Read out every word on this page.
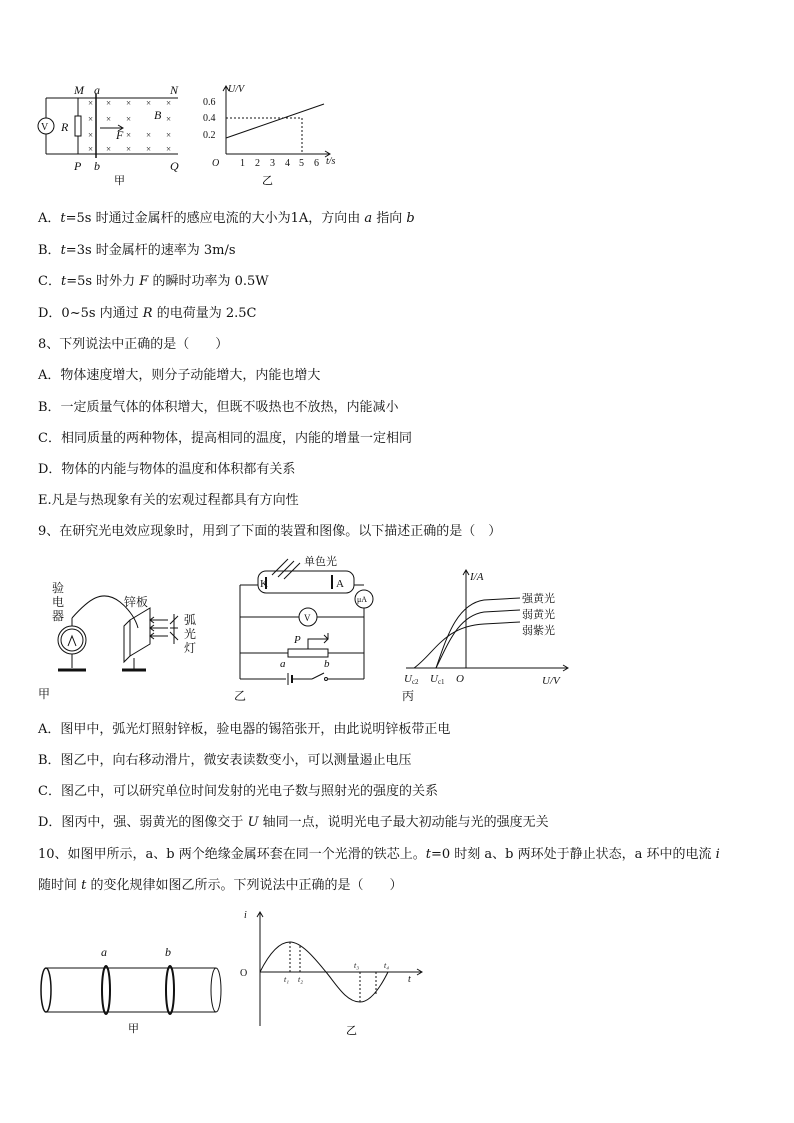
× × × × ×
× × ×	×
×	× × ×
× × × × ×
M a	N
V R
B
F
P b	Q
甲
U/V
0.6
0.4
0.2
O 1 2 3 4 5 6 t/s
乙
A．t=5s 时通过金属杆的感应电流的大小为1A，方向由 a 指向 b
B．t=3s 时金属杆的速率为 3m/s
C．t=5s 时外力 F 的瞬时功率为 0.5W
D．0~5s 内通过 R 的电荷量为 2.5C
8、下列说法中正确的是（　　）
A．物体速度增大，则分子动能增大，内能也增大
B．一定质量气体的体积增大，但既不吸热也不放热，内能减小
C．相同质量的两种物体，提高相同的温度，内能的增量一定相同
D．物体的内能与物体的温度和体积都有关系
E.凡是与热现象有关的宏观过程都具有方向性
9、在研究光电效应现象时，用到了下面的装置和图像。以下描述正确的是（　）
验
电
器
锌板
弧
光
灯
甲
单色光
K	A
V
μA
P
a	b
乙
I/A
强黄光
弱黄光
弱紫光
Uc2 Uc1 O	U/V
丙
A．图甲中，弧光灯照射锌板，验电器的锡箔张开，由此说明锌板带正电
B．图乙中，向右移动滑片，微安表读数变小，可以测量遏止电压
C．图乙中，可以研究单位时间发射的光电子数与照射光的强度的关系
D．图丙中，强、弱黄光的图像交于 U 轴同一点，说明光电子最大初动能与光的强度无关
10、如图甲所示，a、b 两个绝缘金属环套在同一个光滑的铁芯上。t=0 时刻 a、b 两环处于静止状态，a 环中的电流 i
随时间 t 的变化规律如图乙所示。下列说法中正确的是（　　）
a	b
甲
i
O
t₁ t₂
t₃	t₄
t
乙
